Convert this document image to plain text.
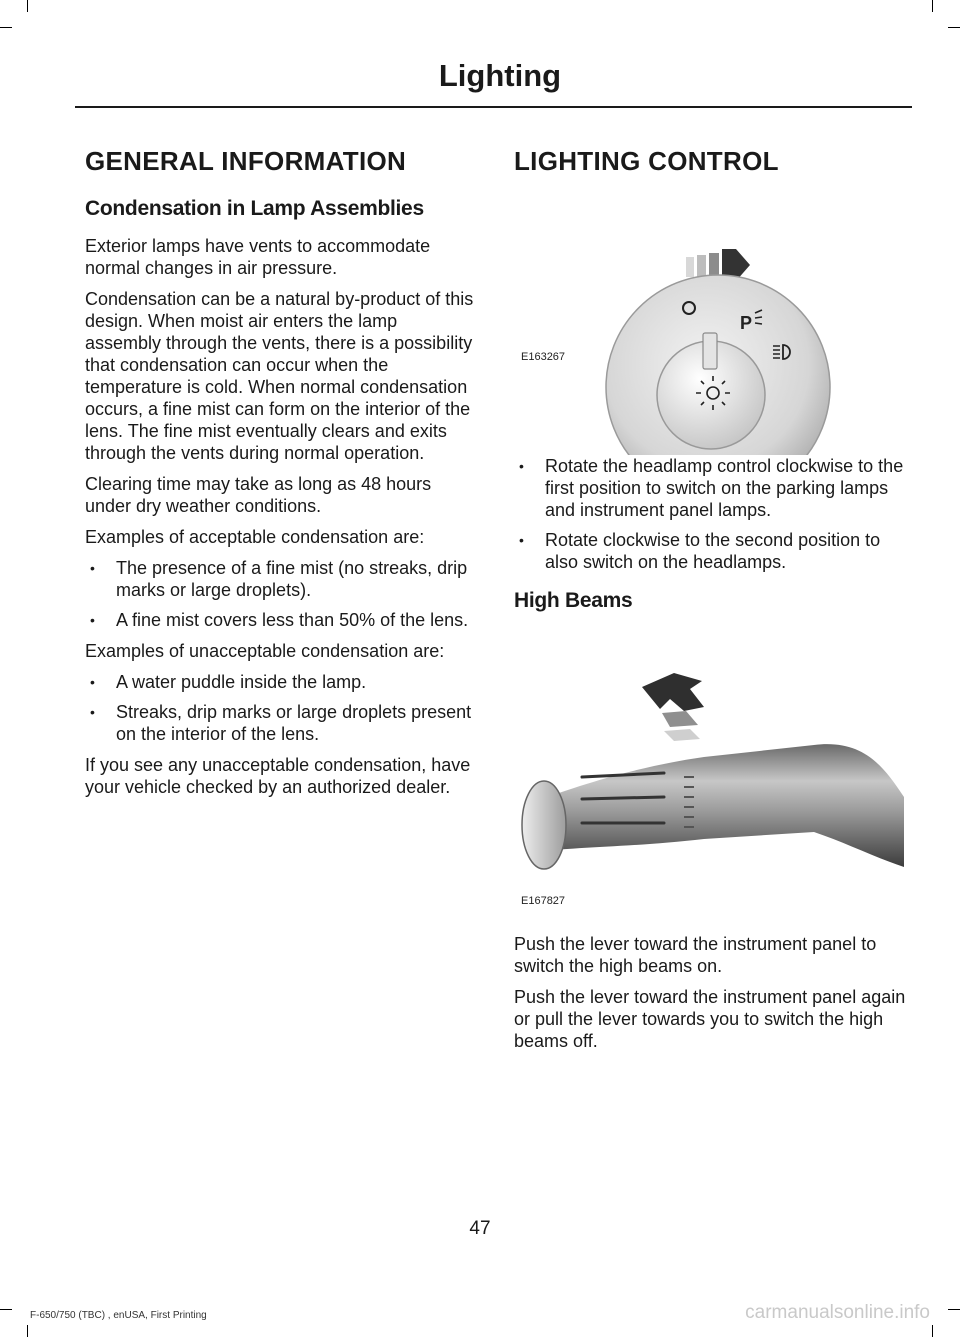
Lighting
GENERAL INFORMATION
Condensation in Lamp Assemblies

Exterior lamps have vents to accommodate normal changes in air pressure.

Condensation can be a natural by-product of this design. When moist air enters the lamp assembly through the vents, there is a possibility that condensation can occur when the temperature is cold. When normal condensation occurs, a fine mist can form on the interior of the lens. The fine mist eventually clears and exits through the vents during normal operation.

Clearing time may take as long as 48 hours under dry weather conditions.

Examples of acceptable condensation are:

• The presence of a fine mist (no streaks, drip marks or large droplets).
• A fine mist covers less than 50% of the lens.

Examples of unacceptable condensation are:

• A water puddle inside the lamp.
• Streaks, drip marks or large droplets present on the interior of the lens.

If you see any unacceptable condensation, have your vehicle checked by an authorized dealer.

LIGHTING CONTROL
P
E163267
• Rotate the headlamp control clockwise to the first position to switch on the parking lamps and instrument panel lamps.
• Rotate clockwise to the second position to also switch on the headlamps.
High Beams
E167827

Push the lever toward the instrument panel to switch the high beams on.

Push the lever toward the instrument panel again or pull the lever towards you to switch the high beams off.

47
F-650/750 (TBC) , enUSA, First Printing	carmanualsonline.info
